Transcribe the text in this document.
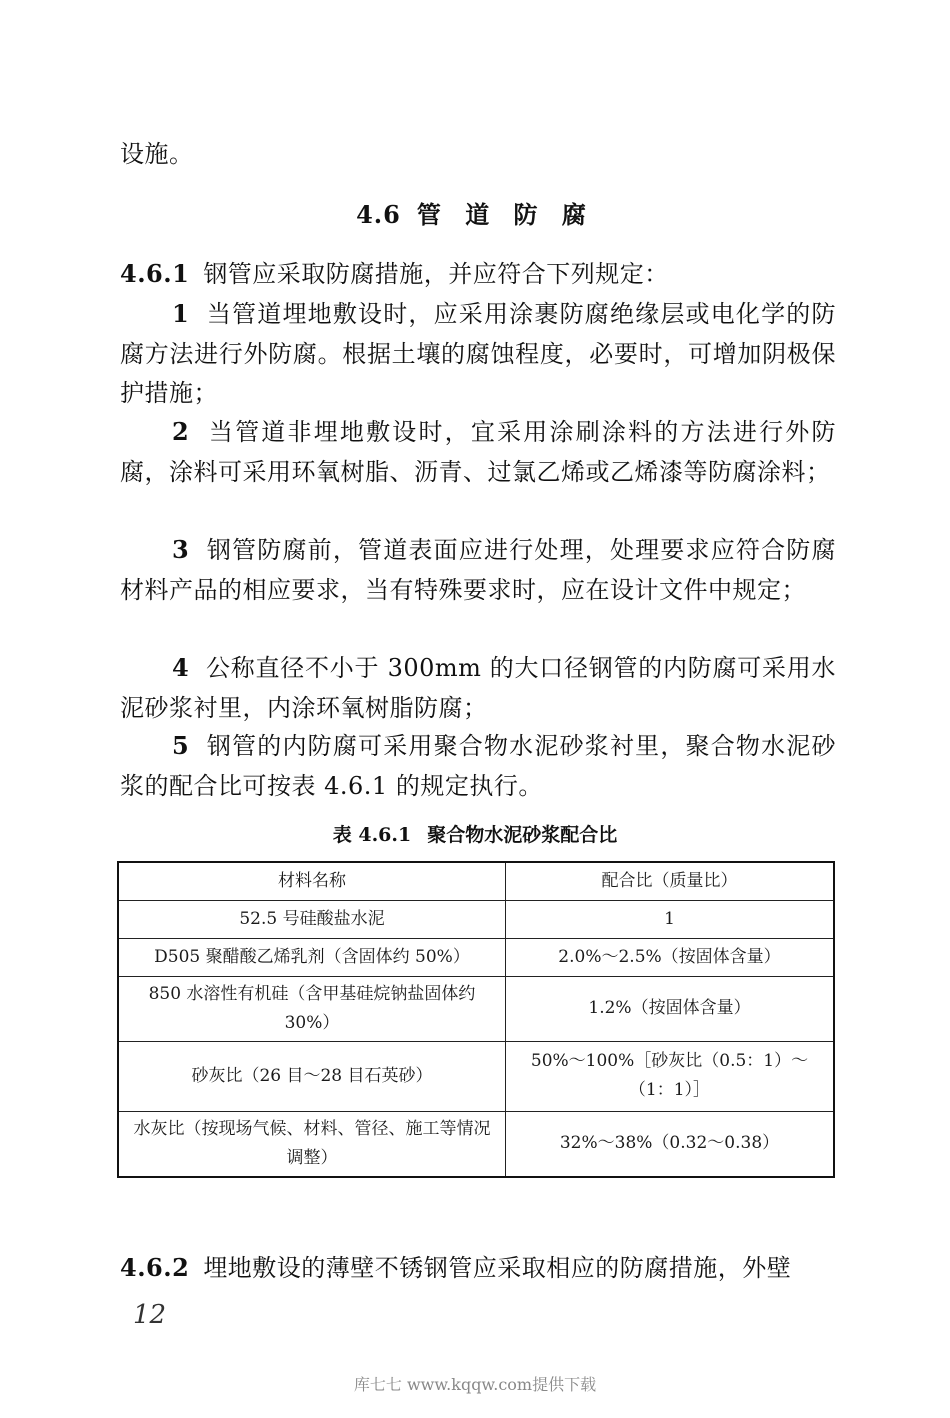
设施。
4.6 管 道 防 腐
4.6.1 钢管应采取防腐措施，并应符合下列规定：
1 当管道埋地敷设时，应采用涂裹防腐绝缘层或电化学的防腐方法进行外防腐。根据土壤的腐蚀程度，必要时，可增加阴极保护措施；
2 当管道非埋地敷设时，宜采用涂刷涂料的方法进行外防腐，涂料可采用环氧树脂、沥青、过氯乙烯或乙烯漆等防腐涂料；
3 钢管防腐前，管道表面应进行处理，处理要求应符合防腐材料产品的相应要求，当有特殊要求时，应在设计文件中规定；
4 公称直径不小于 300mm 的大口径钢管的内防腐可采用水泥砂浆衬里，内涂环氧树脂防腐；
5 钢管的内防腐可采用聚合物水泥砂浆衬里，聚合物水泥砂浆的配合比可按表 4.6.1 的规定执行。
表 4.6.1 聚合物水泥砂浆配合比
材料名称	配合比（质量比）
52.5 号硅酸盐水泥	1
D505 聚醋酸乙烯乳剂（含固体约 50%）	2.0%～2.5%（按固体含量）
850 水溶性有机硅（含甲基硅烷钠盐固体约 30%）	1.2%（按固体含量）
砂灰比（26 目～28 目石英砂）	50%～100%［砂灰比（0.5：1）～（1：1）］
水灰比（按现场气候、材料、管径、施工等情况调整）	32%～38%（0.32～0.38）
4.6.2 埋地敷设的薄壁不锈钢管应采取相应的防腐措施，外壁
12
库七七 www.kqqw.com提供下载
